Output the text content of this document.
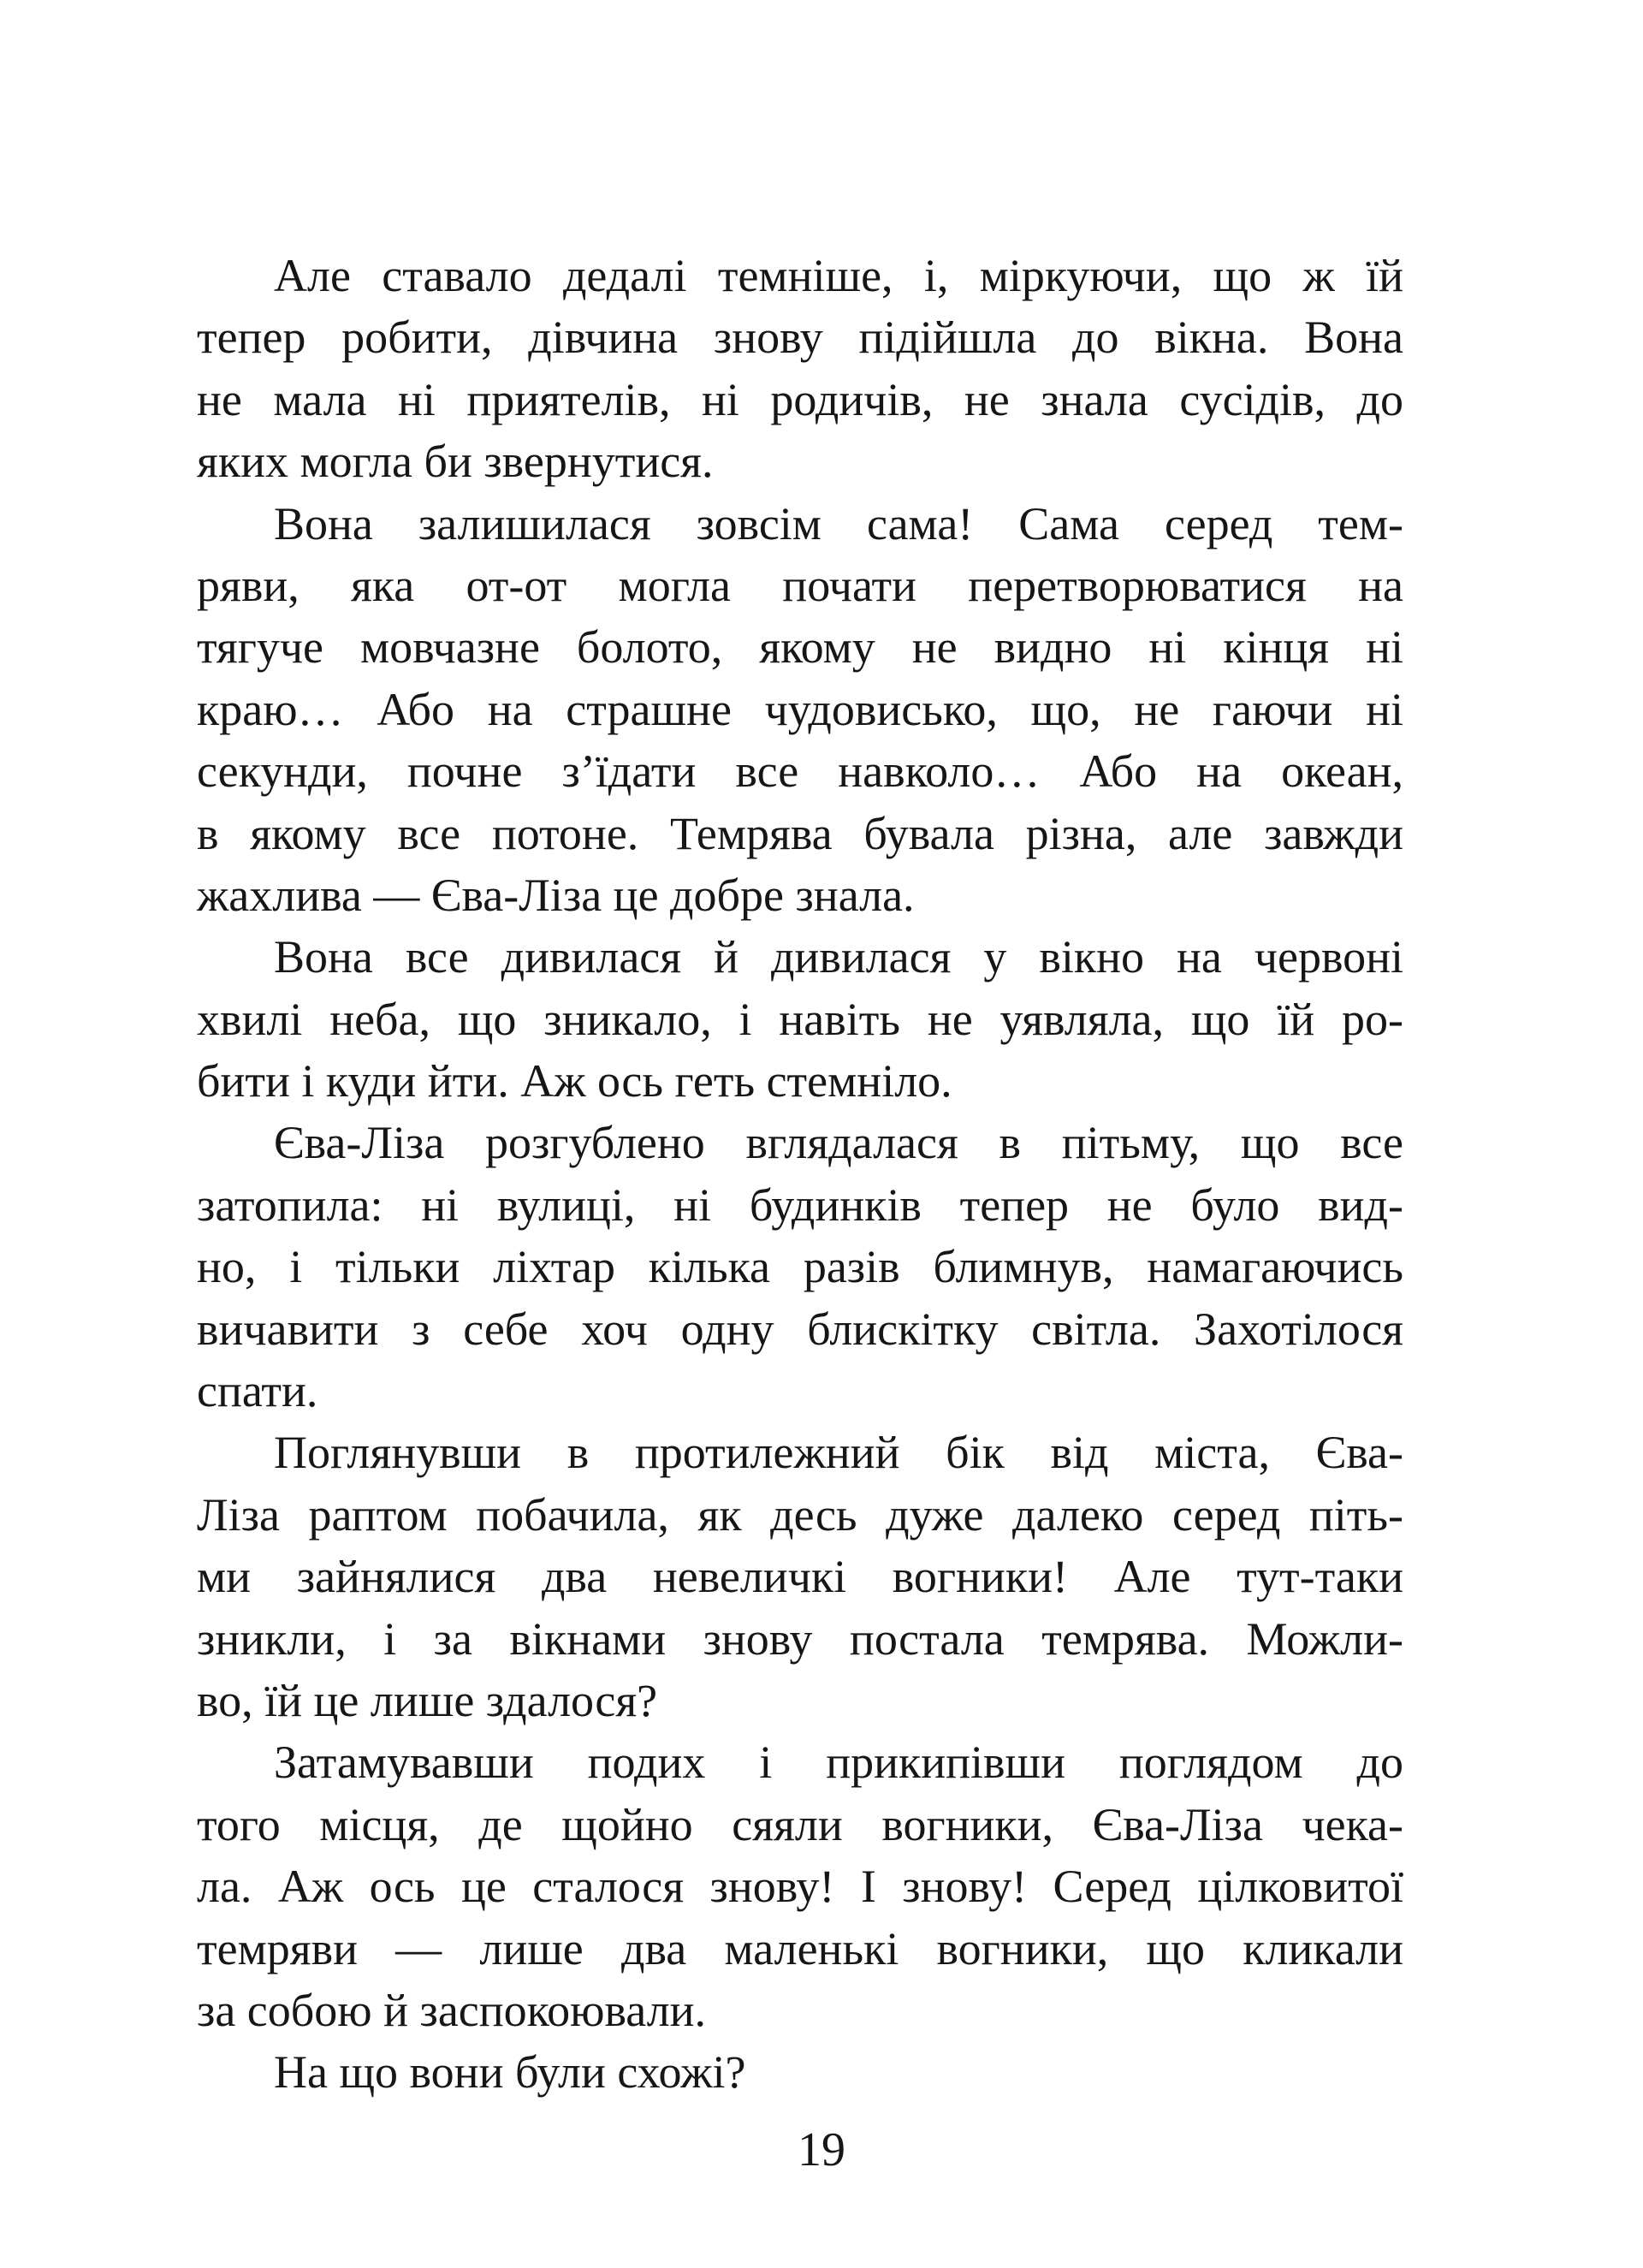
Але ставало дедалі темніше, і, міркуючи, що ж їй
тепер робити, дівчина знову підійшла до вікна. Вона
не мала ні приятелів, ні родичів, не знала сусідів, до
яких могла би звернутися.
Вона залишилася зовсім сама! Сама серед тем-
ряви, яка от-от могла почати перетворюватися на
тягуче мовчазне болото, якому не видно ні кінця ні
краю… Або на страшне чудовисько, що, не гаючи ні
секунди, почне з’їдати все навколо… Або на океан,
в якому все потоне. Темрява бувала різна, але завжди
жахлива — Єва-Ліза це добре знала.
Вона все дивилася й дивилася у вікно на червоні
хвилі неба, що зникало, і навіть не уявляла, що їй ро-
бити і куди йти. Аж ось геть стемніло.
Єва-Ліза розгублено вглядалася в пітьму, що все
затопила: ні вулиці, ні будинків тепер не було вид-
но, і тільки ліхтар кілька разів блимнув, намагаючись
вичавити з себе хоч одну блискітку світла. Захотілося
спати.
Поглянувши в протилежний бік від міста, Єва-
Ліза раптом побачила, як десь дуже далеко серед піть-
ми зайнялися два невеличкі вогники! Але тут-таки
зникли, і за вікнами знову постала темрява. Можли-
во, їй це лише здалося?
Затамувавши подих і прикипівши поглядом до
того місця, де щойно сяяли вогники, Єва-Ліза чека-
ла. Аж ось це сталося знову! І знову! Серед цілковитої
темряви — лише два маленькі вогники, що кликали
за собою й заспокоювали.
На що вони були схожі?
19
